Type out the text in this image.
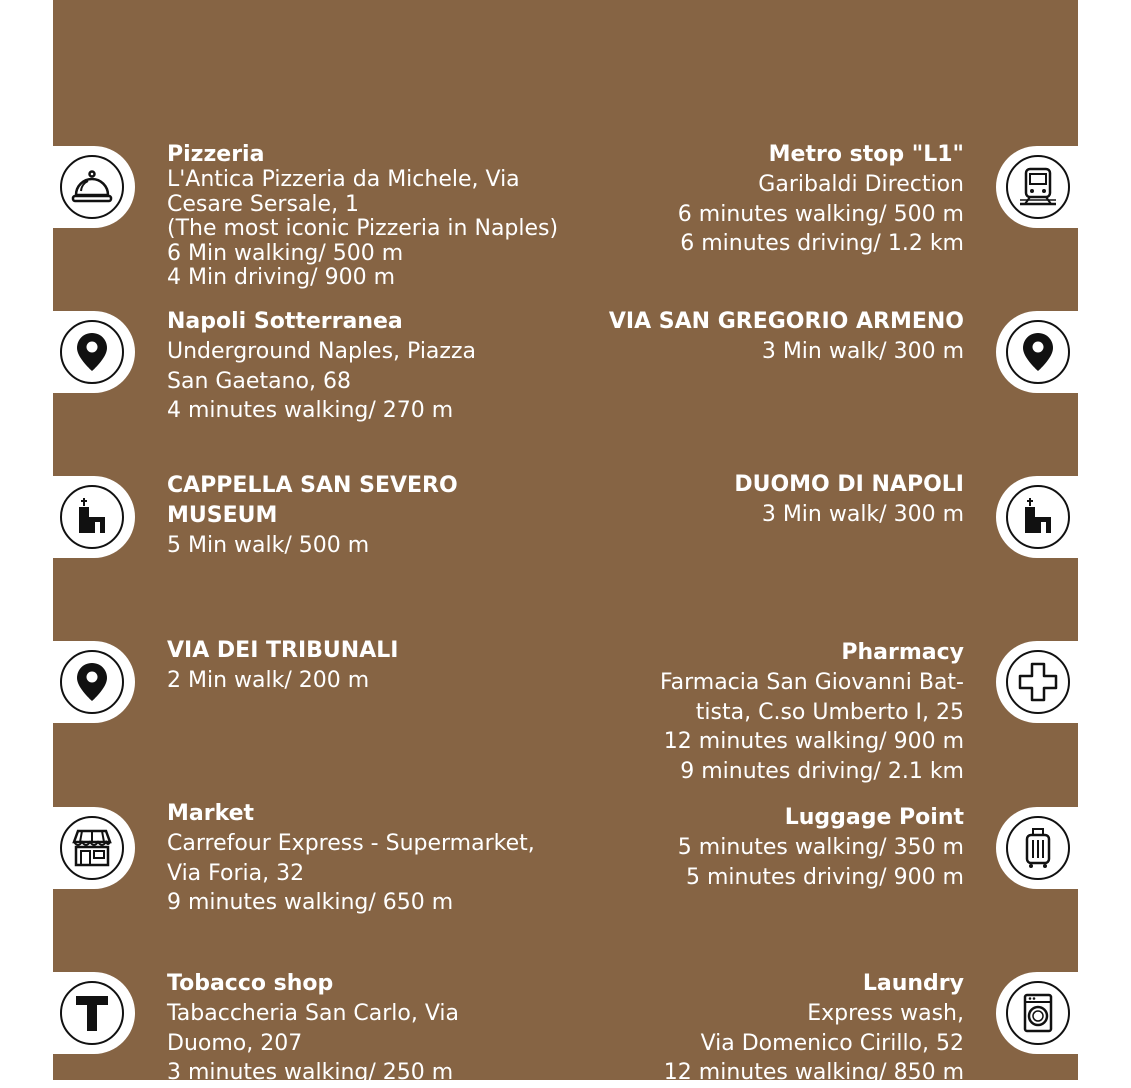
Pizzeria
L'Antica Pizzeria da Michele, Via
Cesare Sersale, 1
(The most iconic Pizzeria in Naples)
6 Min walking/ 500 m
4 Min driving/ 900 m
Napoli Sotterranea
Underground Naples, Piazza
San Gaetano, 68
4 minutes walking/ 270 m
CAPPELLA SAN SEVERO
MUSEUM
5 Min walk/ 500 m
VIA DEI TRIBUNALI
2 Min walk/ 200 m
Market
Carrefour Express - Supermarket,
Via Foria, 32
9 minutes walking/ 650 m
Tobacco shop
Tabaccheria San Carlo, Via
Duomo, 207
3 minutes walking/ 250 m
Metro stop "L1"
Garibaldi Direction
6 minutes walking/ 500 m
6 minutes driving/ 1.2 km
VIA SAN GREGORIO ARMENO
3 Min walk/ 300 m
DUOMO DI NAPOLI
3 Min walk/ 300 m
Pharmacy
Farmacia San Giovanni Bat-
tista, C.so Umberto I, 25
12 minutes walking/ 900 m
9 minutes driving/ 2.1 km
Luggage Point
5 minutes walking/ 350 m
5 minutes driving/ 900 m
Laundry
Express wash,
Via Domenico Cirillo, 52
12 minutes walking/ 850 m
